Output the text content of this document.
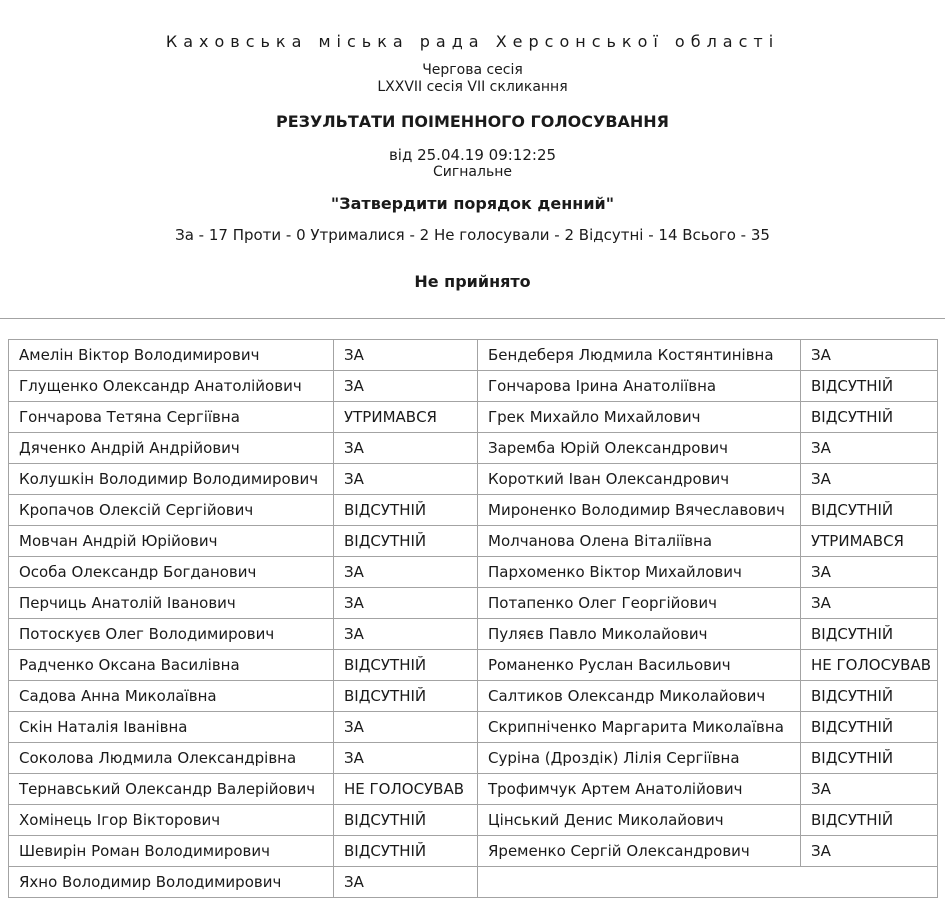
Каховська міська рада Херсонської області
Чергова сесія
LXXVII сесія VII скликання
РЕЗУЛЬТАТИ ПОІМЕННОГО ГОЛОСУВАННЯ
від 25.04.19 09:12:25
Сигнальне
"Затвердити порядок денний"
За - 17 Проти - 0 Утрималися - 2 Не голосували - 2 Відсутні - 14 Всього - 35
Не прийнято
Амелін Віктор Володимирович	ЗА	Бендеберя Людмила Костянтинівна	ЗА
Глущенко Олександр Анатолійович	ЗА	Гончарова Ірина Анатоліївна	ВІДСУТНІЙ
Гончарова Тетяна Сергіївна	УТРИМАВСЯ	Грек Михайло Михайлович	ВІДСУТНІЙ
Дяченко Андрій Андрійович	ЗА	Заремба Юрій Олександрович	ЗА
Колушкін Володимир Володимирович	ЗА	Короткий Іван Олександрович	ЗА
Кропачов Олексій Сергійович	ВІДСУТНІЙ	Мироненко Володимир Вячеславович	ВІДСУТНІЙ
Мовчан Андрій Юрійович	ВІДСУТНІЙ	Молчанова Олена Віталіївна	УТРИМАВСЯ
Особа Олександр Богданович	ЗА	Пархоменко Віктор Михайлович	ЗА
Перчиць Анатолій Іванович	ЗА	Потапенко Олег Георгійович	ЗА
Потоскуєв Олег Володимирович	ЗА	Пуляєв Павло Миколайович	ВІДСУТНІЙ
Радченко Оксана Василівна	ВІДСУТНІЙ	Романенко Руслан Васильович	НЕ ГОЛОСУВАВ
Садова Анна Миколаївна	ВІДСУТНІЙ	Салтиков Олександр Миколайович	ВІДСУТНІЙ
Скін Наталія Іванівна	ЗА	Скрипніченко Маргарита Миколаївна	ВІДСУТНІЙ
Соколова Людмила Олександрівна	ЗА	Суріна (Дроздік) Лілія Сергіївна	ВІДСУТНІЙ
Тернавський Олександр Валерійович	НЕ ГОЛОСУВАВ	Трофимчук Артем Анатолійович	ЗА
Хомінець Ігор Вікторович	ВІДСУТНІЙ	Цінський Денис Миколайович	ВІДСУТНІЙ
Шевирін Роман Володимирович	ВІДСУТНІЙ	Яременко Сергій Олександрович	ЗА
Яхно Володимир Володимирович	ЗА		
